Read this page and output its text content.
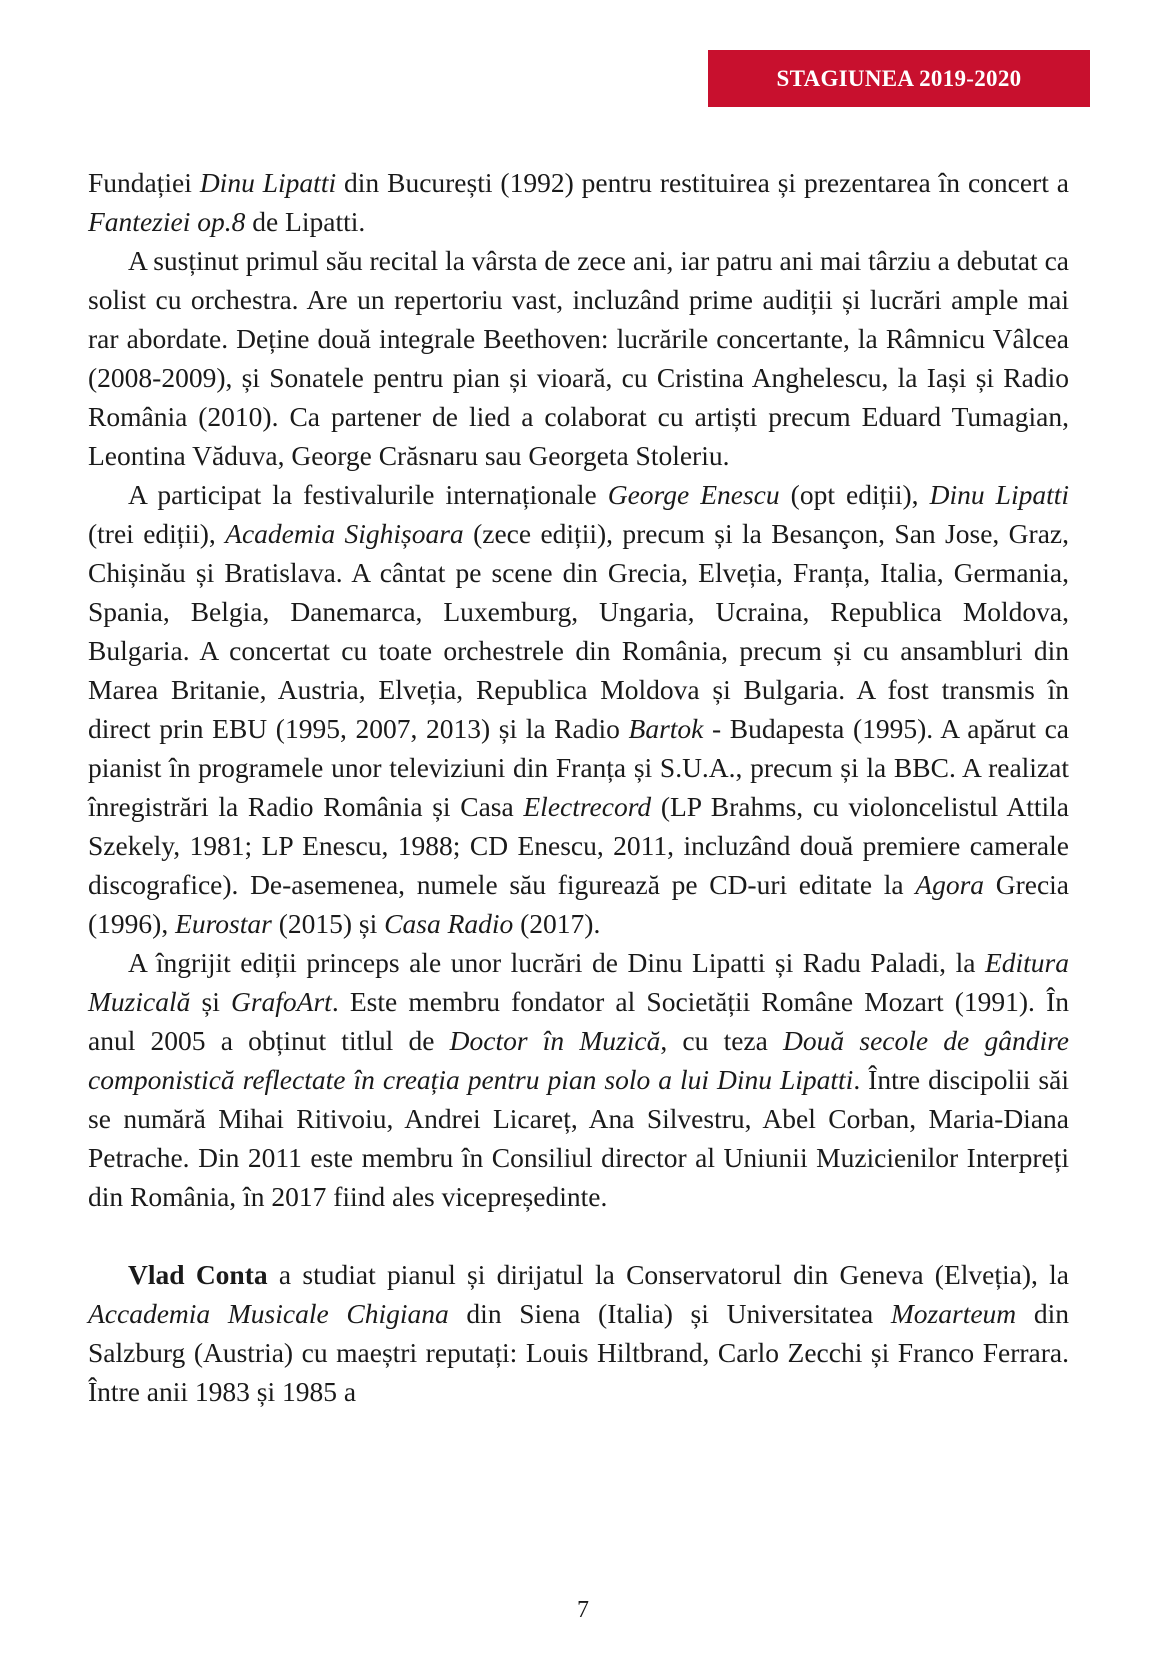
STAGIUNEA 2019-2020

Fundației Dinu Lipatti din București (1992) pentru restituirea și prezentarea în concert a Fanteziei op.8 de Lipatti.

A susținut primul său recital la vârsta de zece ani, iar patru ani mai târziu a debutat ca solist cu orchestra. Are un repertoriu vast, incluzând prime audiții și lucrări ample mai rar abordate. Deține două integrale Beethoven: lucrările concertante, la Râmnicu Vâlcea (2008-2009), și Sonatele pentru pian și vioară, cu Cristina Anghelescu, la Iași și Radio România (2010). Ca partener de lied a colaborat cu artiști precum Eduard Tumagian, Leontina Văduva, George Crăsnaru sau Georgeta Stoleriu.

A participat la festivalurile internaționale George Enescu (opt ediții), Dinu Lipatti (trei ediții), Academia Sighișoara (zece ediții), precum și la Besançon, San Jose, Graz, Chișinău și Bratislava. A cântat pe scene din Grecia, Elveția, Franța, Italia, Germania, Spania, Belgia, Danemarca, Luxemburg, Ungaria, Ucraina, Republica Moldova, Bulgaria. A concertat cu toate orchestrele din România, precum și cu ansambluri din Marea Britanie, Austria, Elveția, Republica Moldova și Bulgaria. A fost transmis în direct prin EBU (1995, 2007, 2013) și la Radio Bartok - Budapesta (1995). A apărut ca pianist în programele unor televiziuni din Franța și S.U.A., precum și la BBC. A realizat înregistrări la Radio România și Casa Electrecord (LP Brahms, cu violoncelistul Attila Szekely, 1981; LP Enescu, 1988; CD Enescu, 2011, incluzând două premiere camerale discografice). De-asemenea, numele său figurează pe CD-uri editate la Agora Grecia (1996), Eurostar (2015) și Casa Radio (2017).

A îngrijit ediții princeps ale unor lucrări de Dinu Lipatti și Radu Paladi, la Editura Muzicală și GrafoArt. Este membru fondator al Societății Române Mozart (1991). În anul 2005 a obținut titlul de Doctor în Muzică, cu teza Două secole de gândire componistică reflectate în creația pentru pian solo a lui Dinu Lipatti. Între discipolii săi se numără Mihai Ritivoiu, Andrei Licareț, Ana Silvestru, Abel Corban, Maria-Diana Petrache. Din 2011 este membru în Consiliul director al Uniunii Muzicienilor Interpreți din România, în 2017 fiind ales vicepreședinte.

Vlad Conta a studiat pianul și dirijatul la Conservatorul din Geneva (Elveția), la Accademia Musicale Chigiana din Siena (Italia) și Universitatea Mozarteum din Salzburg (Austria) cu maeștri reputați: Louis Hiltbrand, Carlo Zecchi și Franco Ferrara. Între anii 1983 și 1985 a

7
